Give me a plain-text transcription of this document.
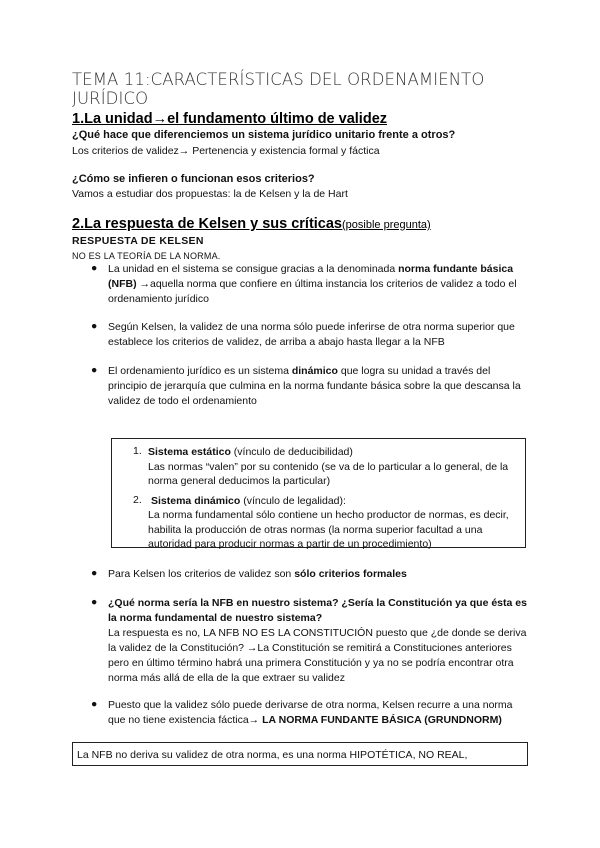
TEMA 11:CARACTERÍSTICAS DEL ORDENAMIENTO JURÍDICO
1.La unidad→el fundamento último de validez
¿Qué hace que diferenciemos un sistema jurídico unitario frente a otros?
Los criterios de validez→ Pertenencia y existencia formal y fáctica
¿Cómo se infieren o funcionan esos criterios?
Vamos a estudiar dos propuestas: la de Kelsen y la de Hart
2.La respuesta de Kelsen y sus críticas(posible pregunta)
RESPUESTA DE KELSEN
NO ES LA TEORÍA DE LA NORMA.
● La unidad en el sistema se consigue gracias a la denominada norma fundante básica (NFB) →aquella norma que confiere en última instancia los criterios de validez a todo el ordenamiento jurídico
● Según Kelsen, la validez de una norma sólo puede inferirse de otra norma superior que establece los criterios de validez, de arriba a abajo hasta llegar a la NFB
● El ordenamiento jurídico es un sistema dinámico que logra su unidad a través del principio de jerarquía que culmina en la norma fundante básica sobre la que descansa la validez de todo el ordenamiento
1. Sistema estático (vínculo de deducibilidad)
Las normas “valen” por su contenido (se va de lo particular a lo general, de la norma general deducimos la particular)
2. Sistema dinámico (vínculo de legalidad):
La norma fundamental sólo contiene un hecho productor de normas, es decir, habilita la producción de otras normas (la norma superior facultad a una autoridad para producir normas a partir de un procedimiento)
● Para Kelsen los criterios de validez son sólo criterios formales
● ¿Qué norma sería la NFB en nuestro sistema? ¿Sería la Constitución ya que ésta es la norma fundamental de nuestro sistema?
La respuesta es no, LA NFB NO ES LA CONSTITUCIÓN puesto que ¿de donde se deriva la validez de la Constitución? →La Constitución se remitirá a Constituciones anteriores pero en último término habrá una primera Constitución y ya no se podría encontrar otra norma más allá de ella de la que extraer su validez
● Puesto que la validez sólo puede derivarse de otra norma, Kelsen recurre a una norma que no tiene existencia fáctica→ LA NORMA FUNDANTE BÁSICA (GRUNDNORM)
La NFB no deriva su validez de otra norma, es una norma HIPOTÉTICA, NO REAL,
